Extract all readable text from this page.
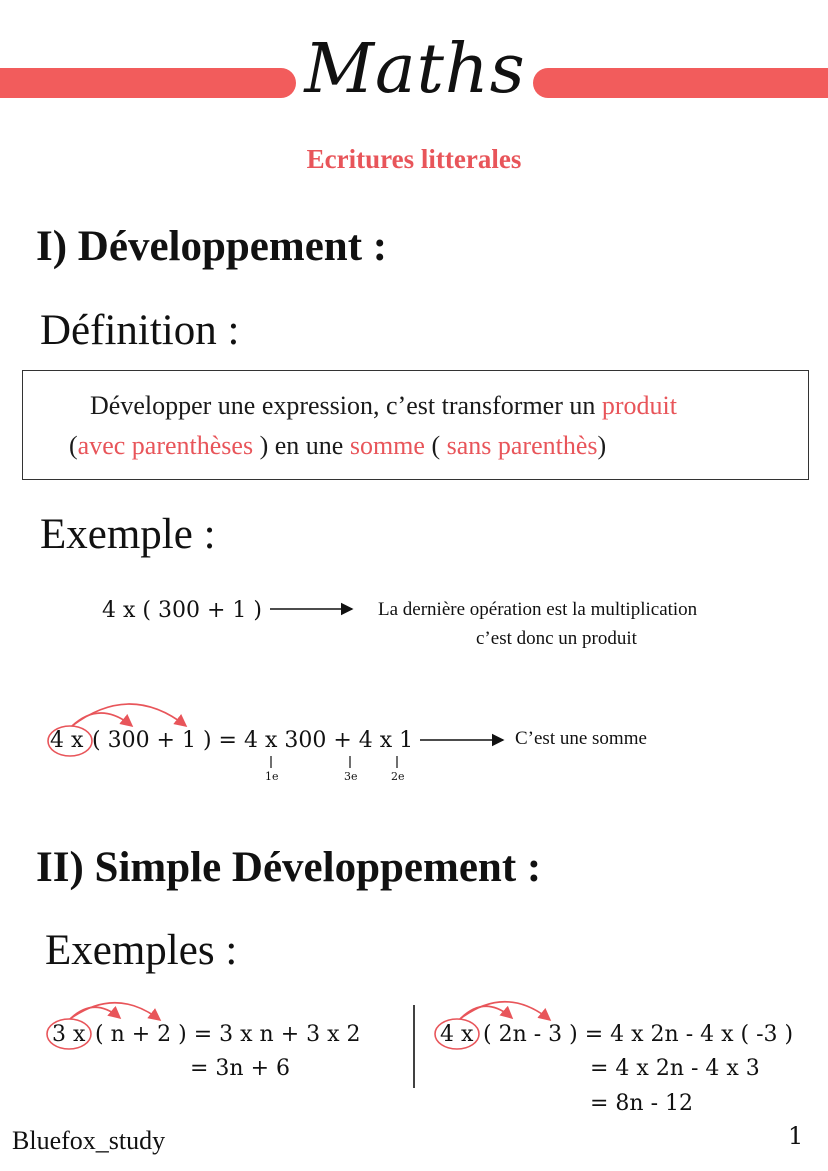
Maths
Ecritures litterales
I) Développement :
Définition :
Développer une expression, c’est transformer un produit
(avec parenthèses ) en une somme ( sans parenthès)
Exemple :
4 x ( 300 + 1 )	La dernière opération est la multiplication
c’est donc un produit
4 x ( 300 + 1 ) = 4 x 300 + 4 x 1	C’est une somme
1e	3e	2e
II) Simple Développement :
Exemples :
3 x ( n + 2 ) = 3 x n + 3 x 2
= 3n + 6
4 x ( 2n - 3 ) = 4 x 2n - 4 x ( -3 )
= 4 x 2n - 4 x 3
= 8n - 12
Bluefox_study	1
